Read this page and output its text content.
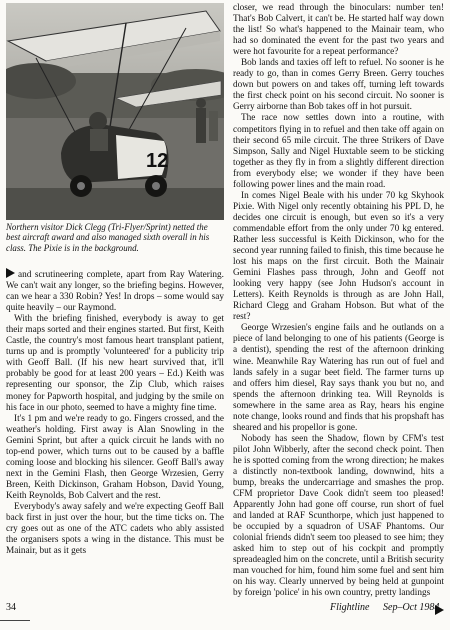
12
Northern visitor Dick Clegg (Tri-Flyer/Sprint) netted the best aircraft award and also managed sixth overall in his class. The Pixie is in the background.

and scrutineering complete, apart from Ray Watering. We can't wait any longer, so the briefing begins. However, can we hear a 330 Robin? Yes! In drops – some would say quite heavily – our Raymond.

With the briefing finished, everybody is away to get their maps sorted and their engines started. But first, Keith Castle, the country's most famous heart transplant patient, turns up and is promptly 'volunteered' for a publicity trip with Geoff Ball. (If his new heart survived that, it'll probably be good for at least 200 years – Ed.) Keith was representing our sponsor, the Zip Club, which raises money for Papworth hospital, and judging by the smile on his face in our photo, seemed to have a mighty fine time.

It's 1 pm and we're ready to go. Fingers crossed, and the weather's holding. First away is Alan Snowling in the Gemini Sprint, but after a quick circuit he lands with no top-end power, which turns out to be caused by a baffle coming loose and blocking his silencer. Geoff Ball's away next in the Gemini Flash, then George Wrzesien, Gerry Breen, Keith Dickinson, Graham Hobson, David Young, Keith Reynolds, Bob Calvert and the rest.

Everybody's away safely and we're expecting Geoff Ball back first in just over the hour, but the time ticks on. The cry goes out as one of the ATC cadets who ably assisted the organisers spots a wing in the distance. This must be Mainair, but as it gets

closer, we read through the binoculars: number ten! That's Bob Calvert, it can't be. He started half way down the list! So what's happened to the Mainair team, who had so dominated the event for the past two years and were hot favourite for a repeat performance?

Bob lands and taxies off left to refuel. No sooner is he ready to go, than in comes Gerry Breen. Gerry touches down but powers on and takes off, turning left towards the first check point on his second circuit. No sooner is Gerry airborne than Bob takes off in hot pursuit.

The race now settles down into a routine, with competitors flying in to refuel and then take off again on their second 65 mile circuit. The three Strikers of Dave Simpson, Sally and Nigel Huxtable seem to be sticking together as they fly in from a slightly different direction from everybody else; we wonder if they have been following power lines and the main road.

In comes Nigel Beale with his under 70 kg Skyhook Pixie. With Nigel only recently obtaining his PPL D, he decides one circuit is enough, but even so it's a very commendable effort from the only under 70 kg entered. Rather less successful is Keith Dickinson, who for the second year running failed to finish, this time because he lost his maps on the first circuit. Both the Mainair Gemini Flashes pass through, John and Geoff not looking very happy (see John Hudson's account in Letters). Keith Reynolds is through as are John Hall, Richard Clegg and Graham Hobson. But what of the rest?

George Wrzesien's engine fails and he outlands on a piece of land belonging to one of his patients (George is a dentist), spending the rest of the afternoon drinking wine. Meanwhile Ray Watering has run out of fuel and lands safely in a sugar beet field. The farmer turns up and offers him diesel, Ray says thank you but no, and spends the afternoon drinking tea. Will Reynolds is somewhere in the same area as Ray, hears his engine note change, looks round and finds that his propshaft has sheared and his propellor is gone.

Nobody has seen the Shadow, flown by CFM's test pilot John Wibberly, after the second check point. Then he is spotted coming from the wrong direction; he makes a distinctly non-textbook landing, downwind, hits a bump, breaks the undercarriage and smashes the prop. CFM proprietor Dave Cook didn't seem too pleased! Apparently John had gone off course, run short of fuel and landed at RAF Scunthorpe, which just happened to be occupied by a squadron of USAF Phantoms. Our colonial friends didn't seem too pleased to see him; they asked him to step out of his cockpit and promptly spreadeagled him on the concrete, until a British security man vouched for him, found him some fuel and sent him on his way. Clearly unnerved by being held at gunpoint by foreign 'police' in his own country, pretty landings

34	Flightline Sep–Oct 1984
